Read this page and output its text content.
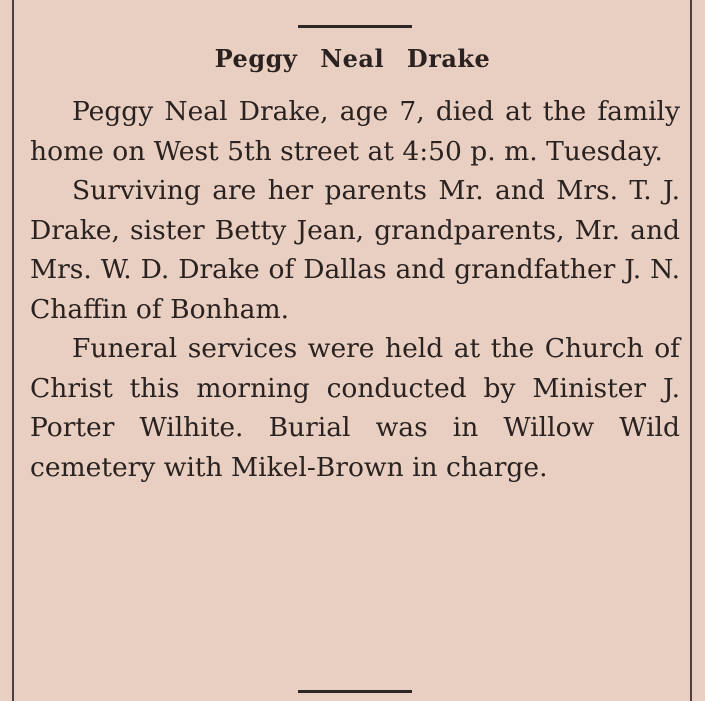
Peggy Neal Drake

Peggy Neal Drake, age 7, died at the family home on West 5th street at 4:50 p. m. Tuesday.

Surviving are her parents Mr. and Mrs. T. J. Drake, sister Betty Jean, grandparents, Mr. and Mrs. W. D. Drake of Dallas and grandfather J. N. Chaffin of Bonham.

Funeral services were held at the Church of Christ this morning conducted by Minister J. Porter Wilhite. Burial was in Willow Wild cemetery with Mikel-Brown in charge.
